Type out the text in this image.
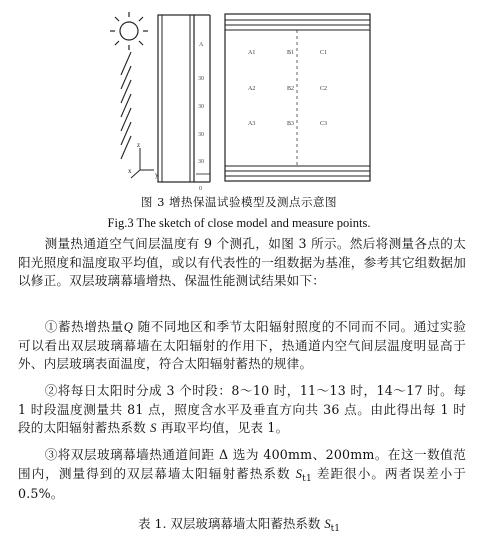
x	y
z
A
30
30
30
30
0
A1	B1	C1
A2	B2	C2
A3	B3	C3
图 3 增热保温试验模型及测点示意图
Fig.3 The sketch of close model and measure points.

测量热通道空气间层温度有 9 个测孔，如图 3 所示。然后将测量各点的太阳光照度和温度取平均值，或以有代表性的一组数据为基准，参考其它组数据加以修正。双层玻璃幕墙增热、保温性能测试结果如下：

①蓄热增热量Q 随不同地区和季节太阳辐射照度的不同而不同。通过实验可以看出双层玻璃幕墙在太阳辐射的作用下，热通道内空气间层温度明显高于外、内层玻璃表面温度，符合太阳辐射蓄热的规律。

②将每日太阳时分成 3 个时段：8～10 时，11～13 时，14～17 时。每 1 时段温度测量共 81 点，照度含水平及垂直方向共 36 点。由此得出每 1 时段的太阳辐射蓄热系数 S 再取平均值，见表 1。

③将双层玻璃幕墙热通道间距 Δ 选为 400mm、200mm。在这一数值范围内，测量得到的双层幕墙太阳辐射蓄热系数 $S_{t1}$ 差距很小。两者误差小于 0.5%。

表 1. 双层玻璃幕墙太阳蓄热系数 $S_{t1}$
